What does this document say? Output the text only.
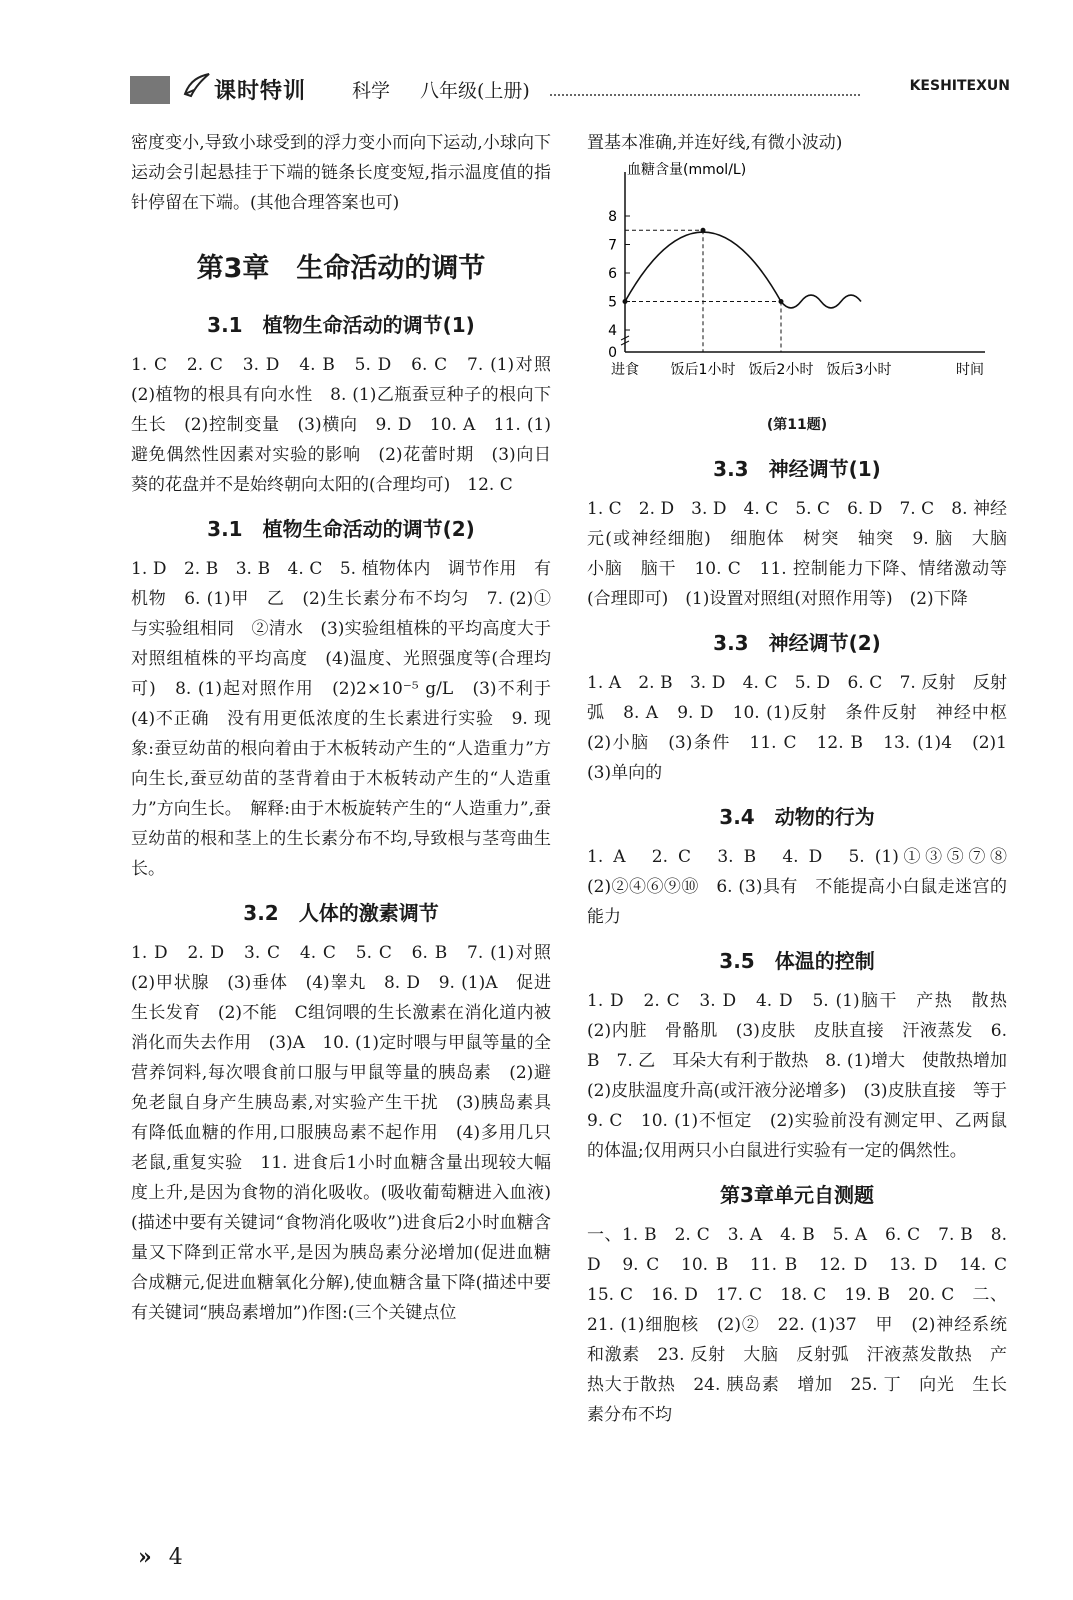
课时特训 科学 八年级(上册)	KESHITEXUN

密度变小,导致小球受到的浮力变小而向下运动,小球向下运动会引起悬挂于下端的链条长度变短,指示温度值的指针停留在下端。(其他合理答案也可)

第3章　生命活动的调节
3.1　植物生命活动的调节(1)

1. C　2. C　3. D　4. B　5. D　6. C　7. (1)对照　(2)植物的根具有向水性　8. (1)乙瓶蚕豆种子的根向下生长　(2)控制变量　(3)横向　9. D　10. A　11. (1)避免偶然性因素对实验的影响　(2)花蕾时期　(3)向日葵的花盘并不是始终朝向太阳的(合理均可)　12. C

3.1　植物生命活动的调节(2)

1. D　2. B　3. B　4. C　5. 植物体内　调节作用　有机物　6. (1)甲　乙　(2)生长素分布不均匀　7. (2)①与实验组相同　②清水　(3)实验组植株的平均高度大于对照组植株的平均高度　(4)温度、光照强度等(合理均可)　8. (1)起对照作用　(2)2×10⁻⁵ g/L　(3)不利于　(4)不正确　没有用更低浓度的生长素进行实验　9. 现象:蚕豆幼苗的根向着由于木板转动产生的“人造重力”方向生长,蚕豆幼苗的茎背着由于木板转动产生的“人造重力”方向生长。　解释:由于木板旋转产生的“人造重力”,蚕豆幼苗的根和茎上的生长素分布不均,导致根与茎弯曲生长。

3.2　人体的激素调节

1. D　2. D　3. C　4. C　5. C　6. B　7. (1)对照　(2)甲状腺　(3)垂体　(4)睾丸　8. D　9. (1)A　促进生长发育　(2)不能　C组饲喂的生长激素在消化道内被消化而失去作用　(3)A　10. (1)定时喂与甲鼠等量的全营养饲料,每次喂食前口服与甲鼠等量的胰岛素　(2)避免老鼠自身产生胰岛素,对实验产生干扰　(3)胰岛素具有降低血糖的作用,口服胰岛素不起作用　(4)多用几只老鼠,重复实验　11. 进食后1小时血糖含量出现较大幅度上升,是因为食物的消化吸收。(吸收葡萄糖进入血液)(描述中要有关键词“食物消化吸收”)进食后2小时血糖含量又下降到正常水平,是因为胰岛素分泌增加(促进血糖合成糖元,促进血糖氧化分解),使血糖含量下降(描述中要有关键词“胰岛素增加”)作图:(三个关键点位

置基本准确,并连好线,有微小波动)

血糖含量(mmol/L)
0
4
5
6
7
8
进食 饭后1小时 饭后2小时 饭后3小时	时间
(第11题)
3.3　神经调节(1)

1. C　2. D　3. D　4. C　5. C　6. D　7. C　8. 神经元(或神经细胞)　细胞体　树突　轴突　9. 脑　大脑　小脑　脑干　10. C　11. 控制能力下降、情绪激动等(合理即可)　(1)设置对照组(对照作用等)　(2)下降

3.3　神经调节(2)

1. A　2. B　3. D　4. C　5. D　6. C　7. 反射　反射弧　8. A　9. D　10. (1)反射　条件反射　神经中枢　(2)小脑　(3)条件　11. C　12. B　13. (1)4　(2)1　(3)单向的

3.4　动物的行为

1. A　2. C　3. B　4. D　5. (1)①③⑤⑦⑧　(2)②④⑥⑨⑩　6. (3)具有　不能提高小白鼠走迷宫的能力

3.5　体温的控制

1. D　2. C　3. D　4. D　5. (1)脑干　产热　散热　(2)内脏　骨骼肌　(3)皮肤　皮肤直接　汗液蒸发　6. B　7. 乙　耳朵大有利于散热　8. (1)增大　使散热增加　(2)皮肤温度升高(或汗液分泌增多)　(3)皮肤直接　等于　9. C　10. (1)不恒定　(2)实验前没有测定甲、乙两鼠的体温;仅用两只小白鼠进行实验有一定的偶然性。

第3章单元自测题

一、1. B　2. C　3. A　4. B　5. A　6. C　7. B　8. D　9. C　10. B　11. B　12. D　13. D　14. C　15. C　16. D　17. C　18. C　19. B　20. C　二、21. (1)细胞核　(2)②　22. (1)37　甲　(2)神经系统和激素　23. 反射　大脑　反射弧　汗液蒸发散热　产热大于散热　24. 胰岛素　增加　25. 丁　向光　生长素分布不均

» 4
